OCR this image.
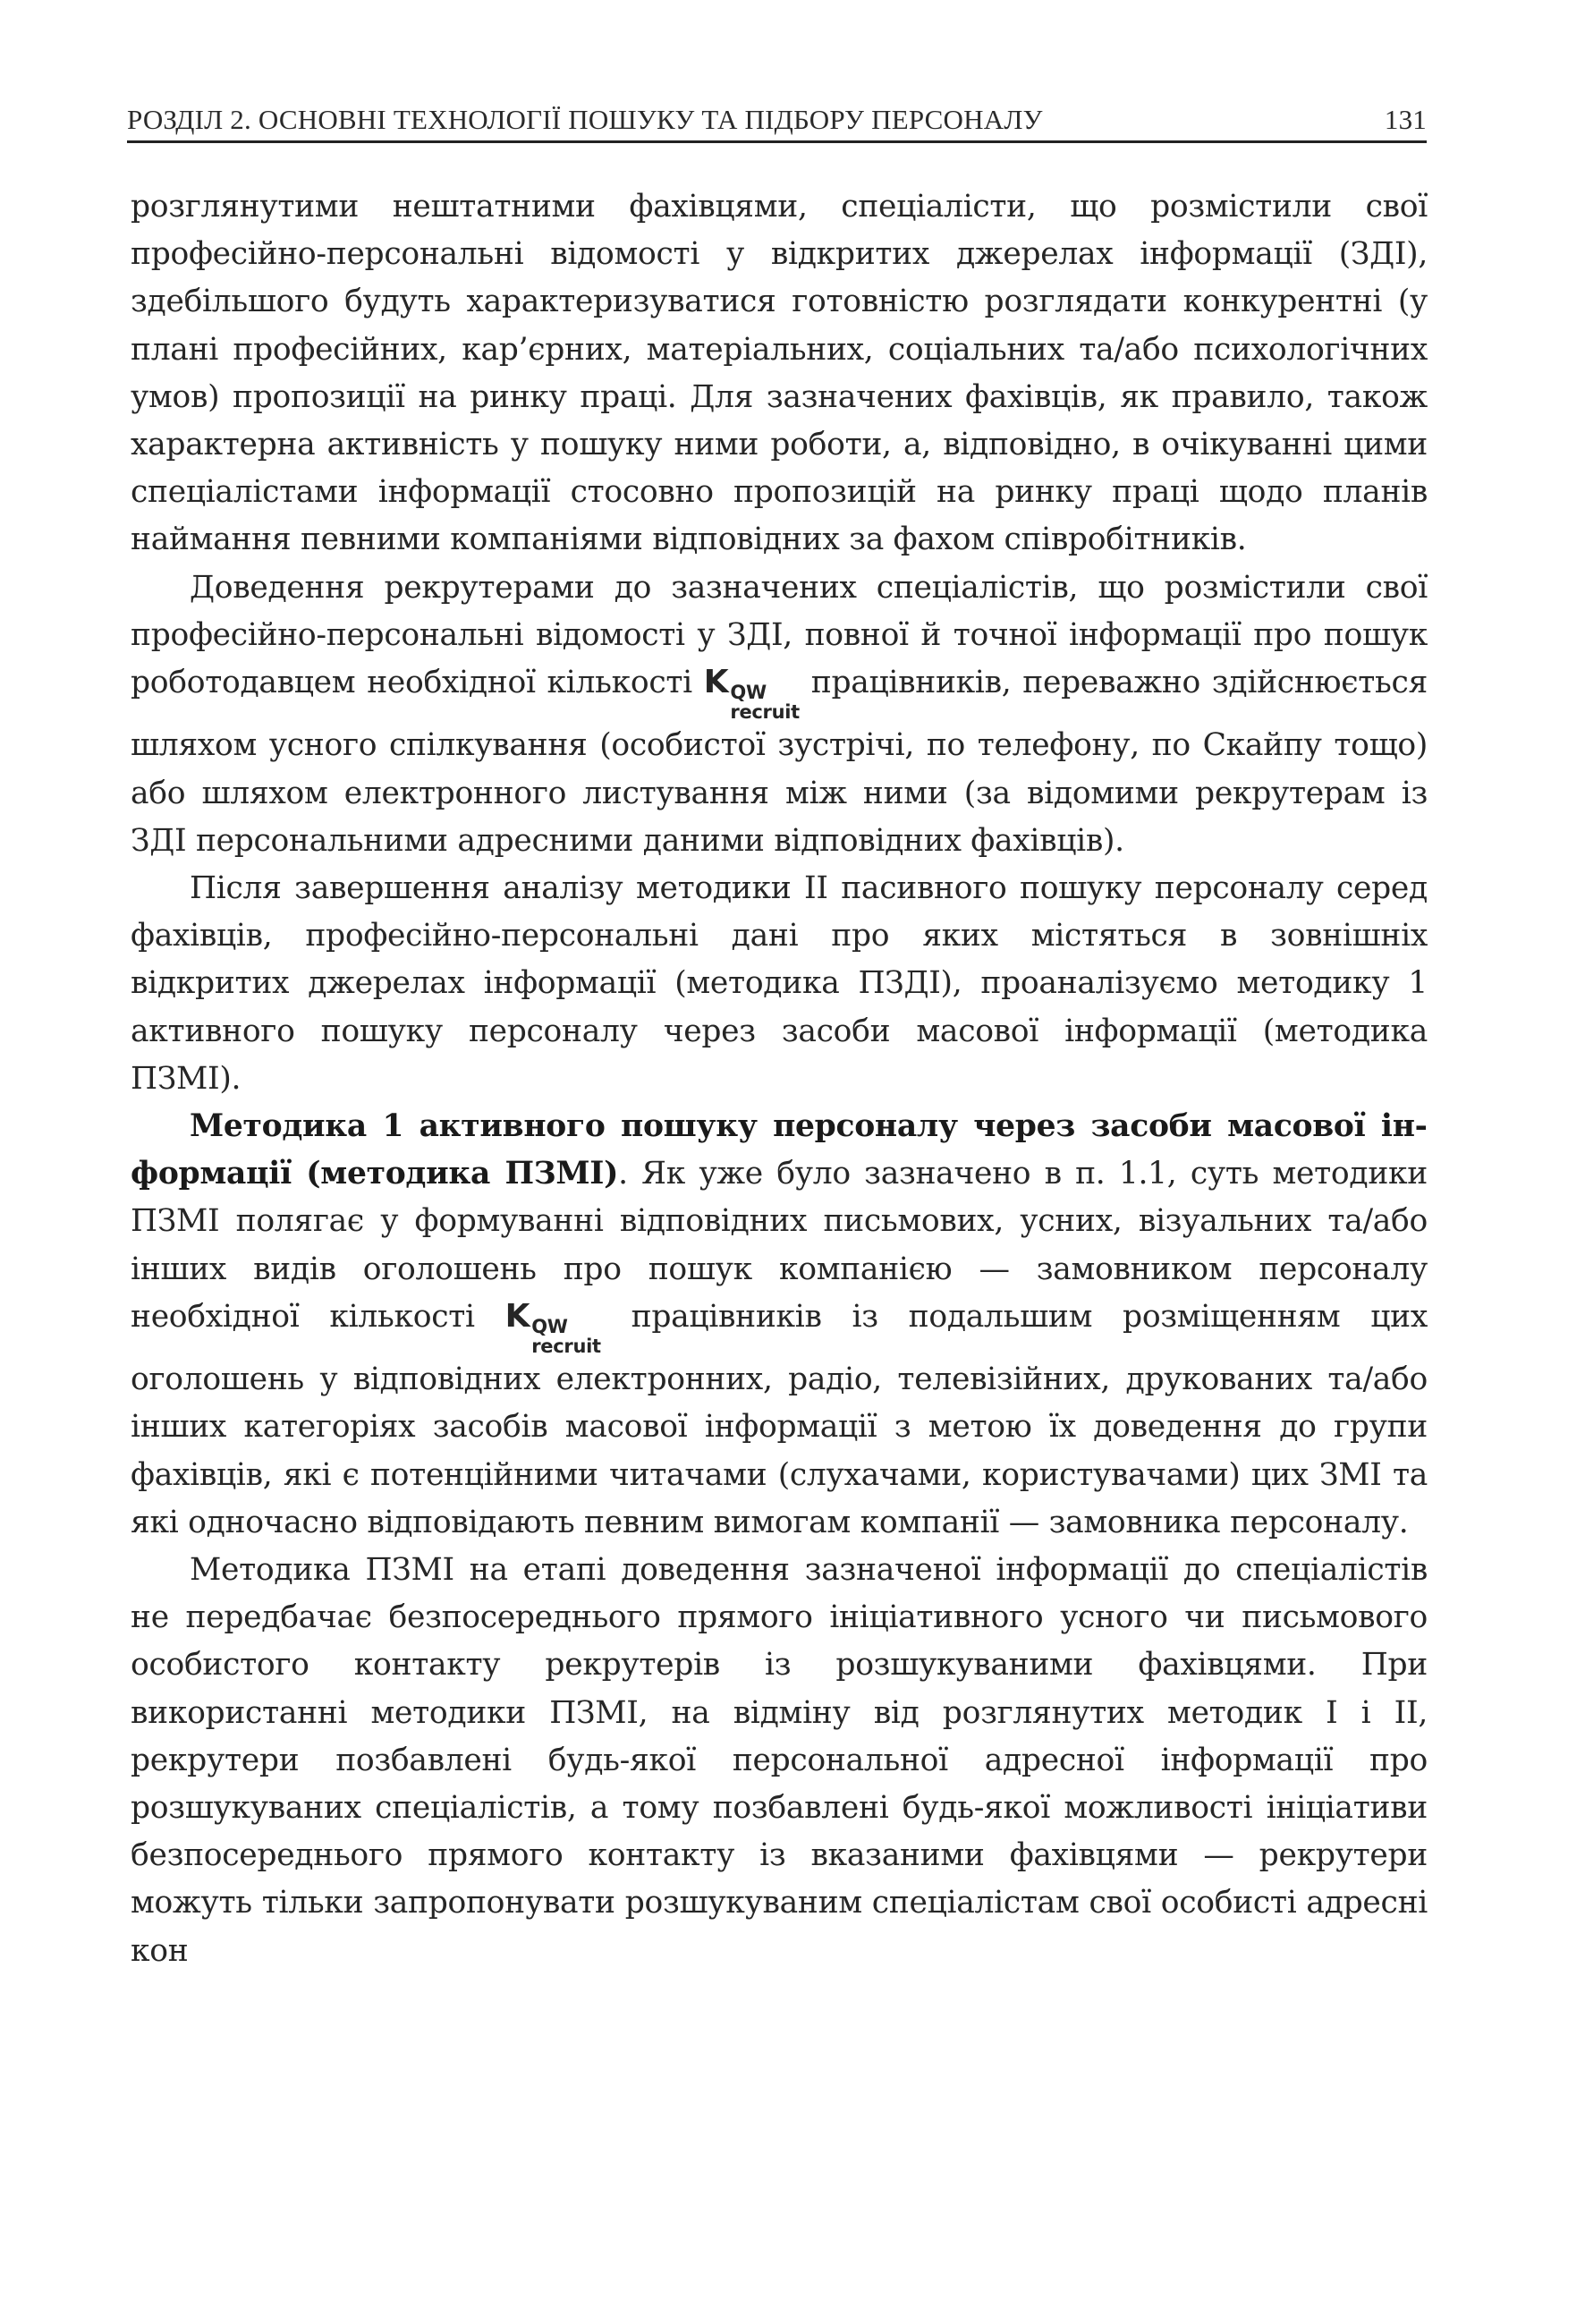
РОЗДІЛ 2. ОСНОВНІ ТЕХНОЛОГІЇ ПОШУКУ ТА ПІДБОРУ ПЕРСОНАЛУ	131

розглянутими нештатними фахівцями, спеціалісти, що розмістили свої професійно-персональні відомості у відкритих джерелах інформації (ЗДІ), здебільшого будуть характеризуватися готовністю розглядати конкурентні (у плані професійних, кар’єрних, матеріальних, соціальних та/або психологічних умов) пропозиції на ринку праці. Для зазначених фахівців, як правило, також характерна активність у пошуку ними роботи, а, відповідно, в очікуванні цими спеціалістами інформації стосовно пропозицій на ринку праці щодо планів наймання певними компаніями відповідних за фахом співробітників.

Доведення рекрутерами до зазначених спеціалістів, що розмістили свої професійно-персональні відомості у ЗДІ, повної й точної інформації про пошук роботодавцем необхідної кількості K QW
recruit
працівників, переважно здійснюється шляхом усного спілкування (особистої зустрічі, по телефону, по Скайпу тощо) або шляхом електронного листування між ними (за відомими рекрутерам із ЗДІ персональними адресними даними відповідних фахівців).

Після завершення аналізу методики II пасивного пошуку персоналу серед фахівців, професійно-персональні дані про яких містяться в зовнішніх відкритих джерелах інформації (методика ПЗДІ), проаналізуємо методику 1 активного пошуку персоналу через засоби масової інформації (методика ПЗМІ).

Методика 1 активного пошуку персоналу через засоби масової інформації (методика ПЗМІ). Як уже було зазначено в п. 1.1, суть методики ПЗМІ полягає у формуванні відповідних письмових, усних, візуальних та/або інших видів оголошень про пошук компанією — замовником персоналу необхідної кількості K QW
recruit
працівників із подальшим розміщенням цих оголошень у відповідних електронних, радіо, телевізійних, друкованих та/або інших категоріях засобів масової інформації з метою їх доведення до групи фахівців, які є потенційними читачами (слухачами, користувачами) цих ЗМІ та які одночасно відповідають певним вимогам компанії — замовника персоналу.

Методика ПЗМІ на етапі доведення зазначеної інформації до спеціалістів не передбачає безпосереднього прямого ініціативного усного чи письмового особистого контакту рекрутерів із розшукуваними фахівцями. При використанні методики ПЗМІ, на відміну від розглянутих методик I і II, рекрутери позбавлені будь-якої персональної адресної інформації про розшукуваних спеціалістів, а тому позбавлені будь-якої можливості ініціативи безпосереднього прямого контакту із вказаними фахівцями — рекрутери можуть тільки запропонувати розшукуваним спеціалістам свої особисті адресні кон
